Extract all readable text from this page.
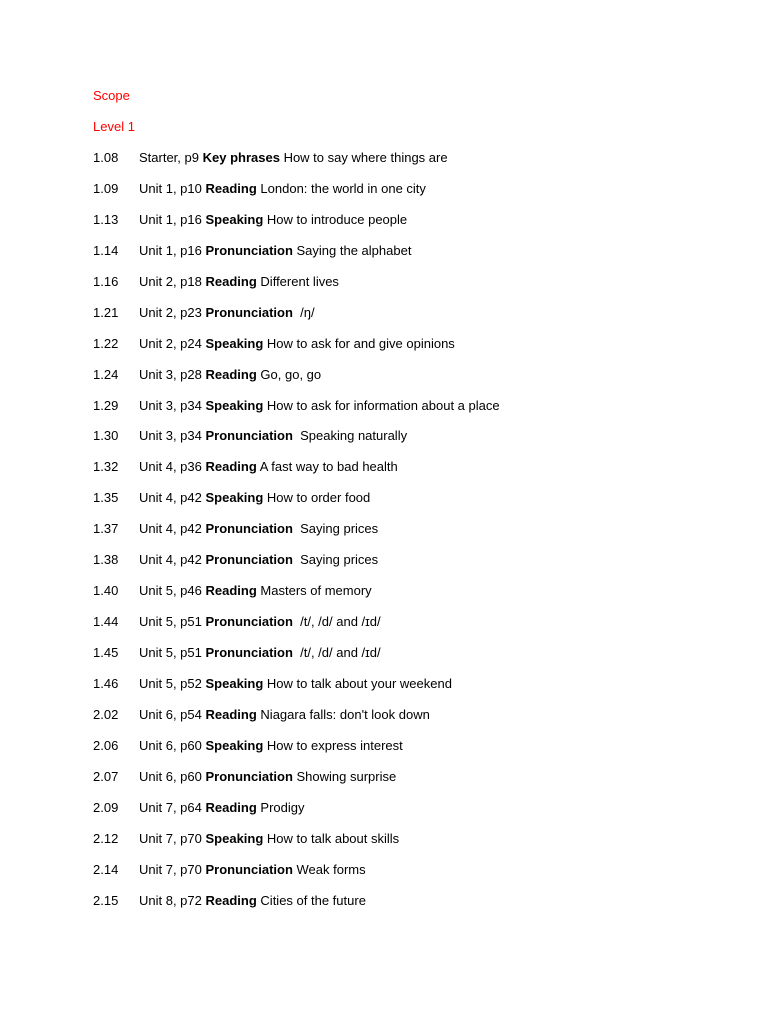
Scope
Level 1
1.08 Starter, p9 Key phrases How to say where things are
1.09 Unit 1, p10 Reading London: the world in one city
1.13 Unit 1, p16 Speaking How to introduce people
1.14 Unit 1, p16 Pronunciation Saying the alphabet
1.16 Unit 2, p18 Reading Different lives
1.21 Unit 2, p23 Pronunciation  /ŋ/
1.22 Unit 2, p24 Speaking How to ask for and give opinions
1.24 Unit 3, p28 Reading Go, go, go
1.29 Unit 3, p34 Speaking How to ask for information about a place
1.30 Unit 3, p34 Pronunciation  Speaking naturally
1.32 Unit 4, p36 Reading A fast way to bad health
1.35 Unit 4, p42 Speaking How to order food
1.37 Unit 4, p42 Pronunciation  Saying prices
1.38 Unit 4, p42 Pronunciation  Saying prices
1.40 Unit 5, p46 Reading Masters of memory
1.44 Unit 5, p51 Pronunciation  /t/, /d/ and /ɪd/
1.45 Unit 5, p51 Pronunciation  /t/, /d/ and /ɪd/
1.46 Unit 5, p52 Speaking How to talk about your weekend
2.02 Unit 6, p54 Reading Niagara falls: don't look down
2.06 Unit 6, p60 Speaking How to express interest
2.07 Unit 6, p60 Pronunciation Showing surprise
2.09 Unit 7, p64 Reading Prodigy
2.12 Unit 7, p70 Speaking How to talk about skills
2.14 Unit 7, p70 Pronunciation Weak forms
2.15 Unit 8, p72 Reading Cities of the future
